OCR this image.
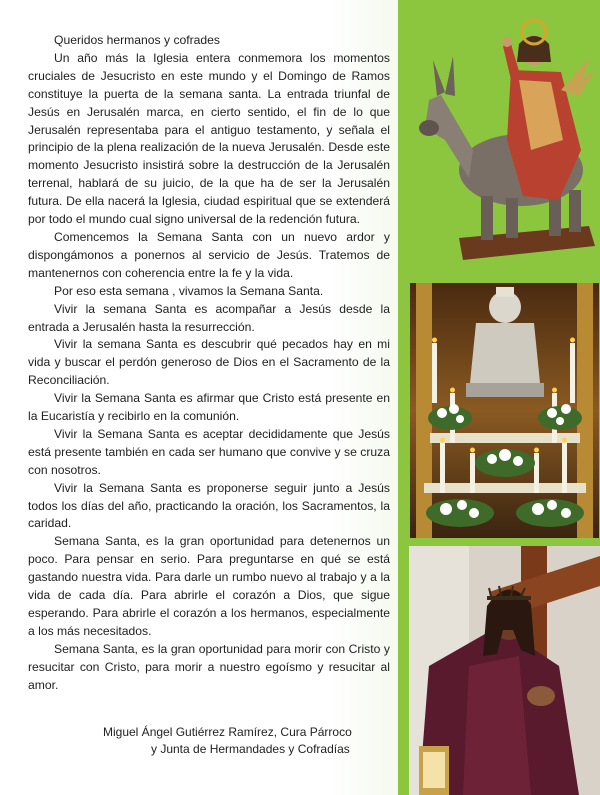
Queridos hermanos y cofrades

Un año más la Iglesia entera conmemora los momentos cruciales de Jesucristo en este mundo y el Domingo de Ramos constituye la puerta de la semana santa. La entrada triunfal de Jesús en Jerusalén marca, en cierto sentido, el fin de lo que Jerusalén representaba para el antiguo testamento, y señala el principio de la plena realización de la nueva Jerusalén. Desde este momento Jesucristo insistirá sobre la destrucción de la Jerusalén terrenal, hablará de su juicio, de la que ha de ser la Jerusalén futura. De ella nacerá la Iglesia, ciudad espiritual que se extenderá por todo el mundo cual signo universal de la redención futura.

Comencemos la Semana Santa con un nuevo ardor y dispongámonos a ponernos al servicio de Jesús. Tratemos de mantenernos con coherencia entre la fe y la vida.

Por eso esta semana , vivamos la Semana Santa.

Vivir la semana Santa es acompañar a Jesús desde la entrada a Jerusalén hasta la resurrección.

Vivir la semana Santa es descubrir qué pecados hay en mi vida y buscar el perdón generoso de Dios en el Sacramento de la Reconciliación.

Vivir la Semana Santa es afirmar que Cristo está presente en la Eucaristía y recibirlo en la comunión.

Vivir la Semana Santa es aceptar decididamente que Jesús está presente también en cada ser humano que convive y se cruza con nosotros.

Vivir la Semana Santa es proponerse seguir junto a Jesús todos los días del año, practicando la oración, los Sacramentos, la caridad.

Semana Santa, es la gran oportunidad para detenernos un poco. Para pensar en serio. Para preguntarse en qué se está gastando nuestra vida. Para darle un rumbo nuevo al trabajo y a la vida de cada día. Para abrirle el corazón a Dios, que sigue esperando. Para abrirle el corazón a los hermanos, especialmente a los más necesitados.

Semana Santa, es la gran oportunidad para morir con Cristo y resucitar con Cristo, para morir a nuestro egoísmo y resucitar al amor.

Miguel Ángel Gutiérrez Ramírez, Cura Párroco
y Junta de Hermandades y Cofradías
